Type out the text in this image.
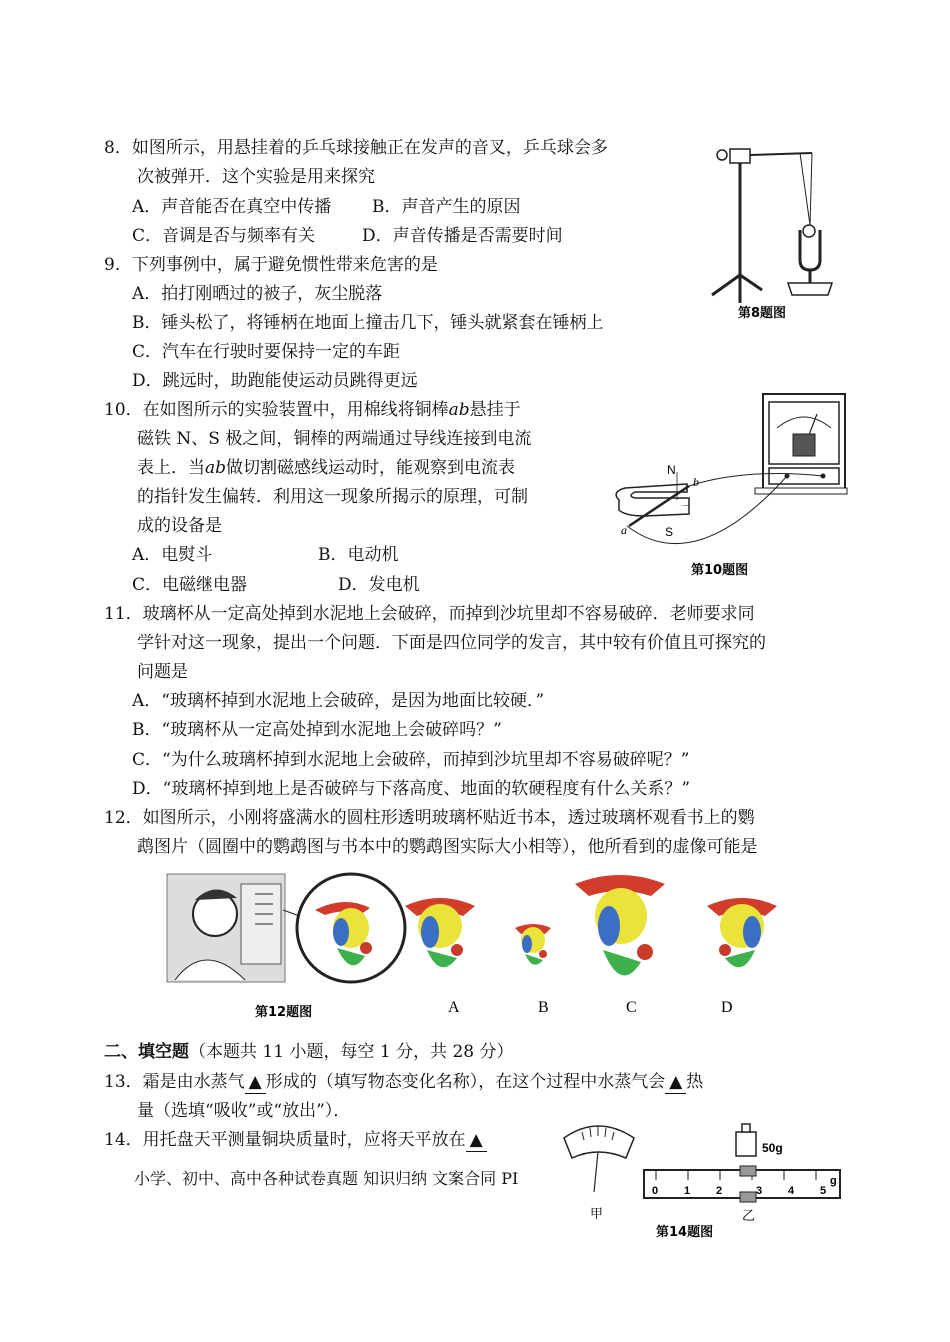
8．如图所示，用悬挂着的乒乓球接触正在发声的音叉，乒乓球会多
次被弹开．这个实验是用来探究
A．声音能否在真空中传播 B．声音产生的原因
C．音调是否与频率有关	D．声音传播是否需要时间
第8题图
9．下列事例中，属于避免惯性带来危害的是
A．拍打刚晒过的被子，灰尘脱落
B．锤头松了，将锤柄在地面上撞击几下，锤头就紧套在锤柄上
C．汽车在行驶时要保持一定的车距
D．跳远时，助跑能使运动员跳得更远
10．在如图所示的实验装置中，用棉线将铜棒ab悬挂于
磁铁 N、S 极之间，铜棒的两端通过导线连接到电流
表上．当ab做切割磁感线运动时，能观察到电流表
的指针发生偏转．利用这一现象所揭示的原理，可制
成的设备是
A．电熨斗	B．电动机
C．电磁继电器	D．发电机
N
S
a
b
第10题图
11．玻璃杯从一定高处掉到水泥地上会破碎，而掉到沙坑里却不容易破碎．老师要求同
学针对这一现象，提出一个问题．下面是四位同学的发言，其中较有价值且可探究的
问题是
A．“玻璃杯掉到水泥地上会破碎，是因为地面比较硬．”
B．“玻璃杯从一定高处掉到水泥地上会破碎吗？”
C．“为什么玻璃杯掉到水泥地上会破碎，而掉到沙坑里却不容易破碎呢？”
D．“玻璃杯掉到地上是否破碎与下落高度、地面的软硬程度有什么关系？”
12．如图所示，小刚将盛满水的圆柱形透明玻璃杯贴近书本，透过玻璃杯观看书上的鹦
鹉图片（圆圈中的鹦鹉图与书本中的鹦鹉图实际大小相等），他所看到的虚像可能是
第12题图	A	B	C	D
二、填空题（本题共 11 小题，每空 1 分，共 28 分）
13．霜是由水蒸气 ▲ 形成的（填写物态变化名称），在这个过程中水蒸气会 ▲ 热
量（选填“吸收”或“放出”）．
14．用托盘天平测量铜块质量时，应将天平放在 ▲
小学、初中、高中各种试卷真题 知识归纳 文案合同 PI
甲
50g
0 1 2	3 4 5
g
乙
第14题图
